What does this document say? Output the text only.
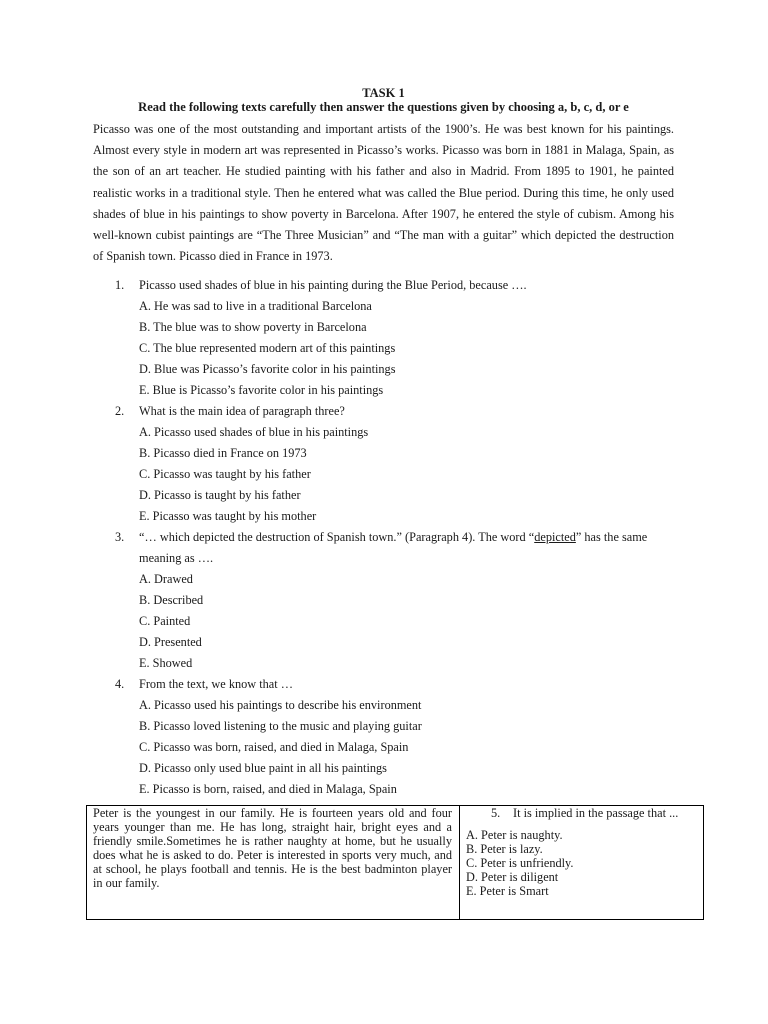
TASK 1
Read the following texts carefully then answer the questions given by choosing a, b, c, d, or e

Picasso was one of the most outstanding and important artists of the 1900’s. He was best known for his paintings. Almost every style in modern art was represented in Picasso’s works. Picasso was born in 1881 in Malaga, Spain, as the son of an art teacher. He studied painting with his father and also in Madrid. From 1895 to 1901, he painted realistic works in a traditional style. Then he entered what was called the Blue period. During this time, he only used shades of blue in his paintings to show poverty in Barcelona. After 1907, he entered the style of cubism. Among his well-known cubist paintings are “The Three Musician” and “The man with a guitar” which depicted the destruction of Spanish town. Picasso died in France in 1973.

1. Picasso used shades of blue in his painting during the Blue Period, because ….
A. He was sad to live in a traditional Barcelona
B. The blue was to show poverty in Barcelona
C. The blue represented modern art of this paintings
D. Blue was Picasso’s favorite color in his paintings
E. Blue is Picasso’s favorite color in his paintings
2. What is the main idea of paragraph three?
A. Picasso used shades of blue in his paintings
B. Picasso died in France on 1973
C. Picasso was taught by his father
D. Picasso is taught by his father
E. Picasso was taught by his mother
3. “… which depicted the destruction of Spanish town.” (Paragraph 4). The word “depicted” has the same
meaning as ….
A. Drawed
B. Described
C. Painted
D. Presented
E. Showed
4. From the text, we know that …
A. Picasso used his paintings to describe his environment
B. Picasso loved listening to the music and playing guitar
C. Picasso was born, raised, and died in Malaga, Spain
D. Picasso only used blue paint in all his paintings
E. Picasso is born, raised, and died in Malaga, Spain

Peter is the youngest in our family. He is fourteen years old and four years younger than me. He has long, straight hair, bright eyes and a friendly smile.Sometimes he is rather naughty at home, but he usually does what he is asked to do. Peter is interested in sports very much, and at school, he plays football and tennis. He is the best badminton player in our family.

5. It is implied in the passage that ...
A. Peter is naughty.
B. Peter is lazy.
C. Peter is unfriendly.
D. Peter is diligent
E. Peter is Smart
